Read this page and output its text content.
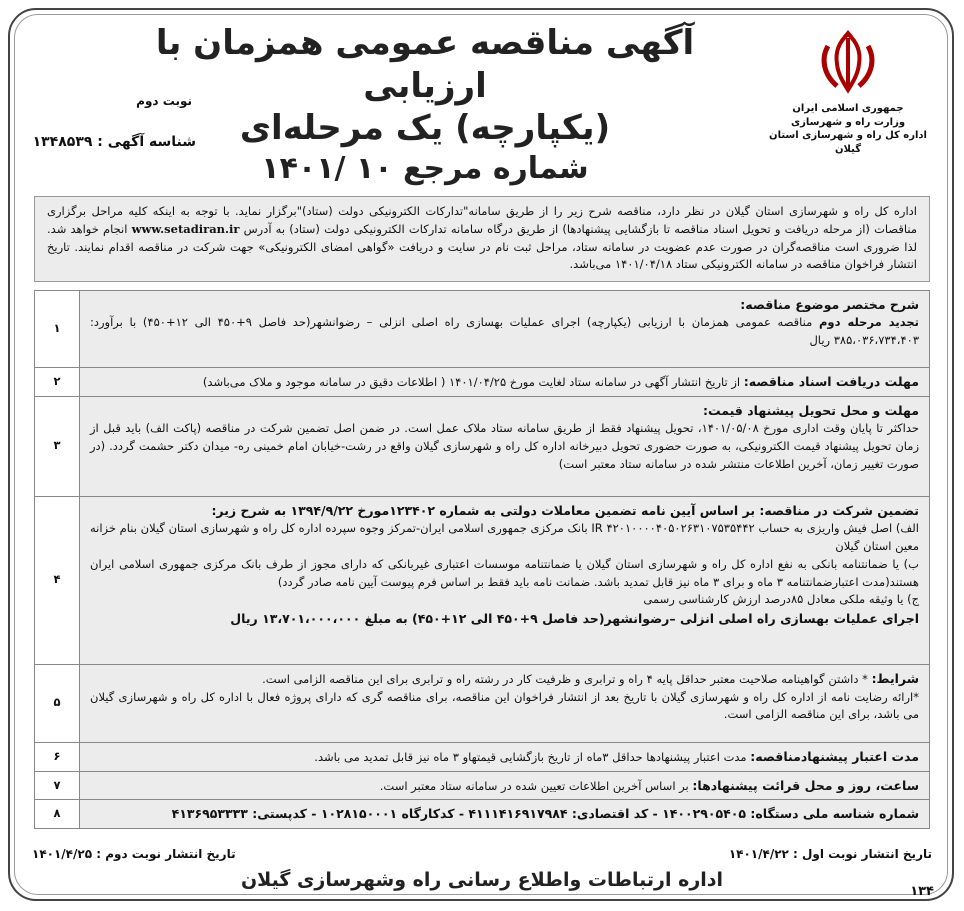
جمهوری اسلامی ایران
وزارت راه و شهرسازی
اداره کل راه و شهرسازی استان گیلان
آگهی مناقصه عمومی همزمان با ارزیابی
(یکپارچه) یک مرحله‌ای
شماره مرجع ۱۰ /۱۴۰۱
نوبت دوم
شناسه آگهی : ۱۳۴۸۵۳۹
اداره کل راه و شهرسازی استان گیلان در نظر دارد، مناقصه شرح زیر را از طریق سامانه"تدارکات الکترونیکی دولت (ستاد)"برگزار نماید. با توجه به اینکه کلیه مراحل برگزاری مناقصات (از مرحله دریافت و تحویل اسناد مناقصه تا بازگشایی پیشنهادها) از طریق درگاه سامانه تدارکات الکترونیکی دولت (ستاد) به آدرس www.setadiran.ir انجام خواهد شد. لذا ضروری است مناقصه‌گران در صورت عدم عضویت در سامانه ستاد، مراحل ثبت نام در سایت و دریافت «گواهی امضای الکترونیکی» جهت شرکت در مناقصه اقدام نمایند. تاریخ انتشار فراخوان مناقصه در سامانه الکترونیکی ستاد ۱۴۰۱/۰۴/۱۸ می‌باشد.
شرح مختصر موضوع مناقصه:
تجدید مرحله دوم مناقصه عمومی همزمان با ارزیابی (یکپارچه) اجرای عملیات بهسازی راه اصلی انزلی – رضوانشهر(حد فاصل ۹+۴۵۰ الی ۱۲+۴۵۰) با برآورد: ۳۸۵،۰۳۶،۷۳۴،۴۰۳ ریال	۱
مهلت دریافت اسناد مناقصه: از تاریخ انتشار آگهی در سامانه ستاد لغایت مورخ ۱۴۰۱/۰۴/۲۵ ( اطلاعات دقیق در سامانه موجود و ملاک می‌باشد)	۲

مهلت و محل تحویل پیشنهاد قیمت:
حداکثر تا پایان وقت اداری مورخ ۱۴۰۱/۰۵/۰۸، تحویل پیشنهاد فقط از طریق سامانه ستاد ملاک عمل است. در ضمن اصل تضمین شرکت در مناقصه (پاکت الف) باید قبل از زمان تحویل پیشنهاد قیمت الکترونیکی، به صورت حضوری تحویل دبیرخانه اداره کل راه و شهرسازی گیلان واقع در رشت-خیابان امام خمینی ره- میدان دکتر حشمت گردد. (در صورت تغییر زمان، آخرین اطلاعات منتشر شده در سامانه ستاد معتبر است)	۳

تضمین شرکت در مناقصه: بر اساس آیین نامه تضمین معاملات دولتی به شماره ۱۲۳۴۰۲مورخ ۱۳۹۴/۹/۲۲ به شرح زیر:
الف) اصل فیش واریزی به حساب IR ۴۲۰۱۰۰۰۰۴۰۵۰۲۶۳۱۰۷۵۳۵۴۴۲ بانک مرکزی جمهوری اسلامی ایران-تمرکز وجوه سپرده اداره کل راه و شهرسازی استان گیلان بنام خزانه معین استان گیلان
ب) یا ضمانتنامه بانکی به نفع اداره کل راه و شهرسازی استان گیلان یا ضمانتنامه موسسات اعتباری غیربانکی که دارای مجوز از طرف بانک مرکزی جمهوری اسلامی ایران هستند(مدت اعتبارضمانتنامه ۳ ماه و برای ۳ ماه نیز قابل تمدید باشد. ضمانت نامه باید فقط بر اساس فرم پیوست آیین نامه صادر گردد)
ج) یا وثیقه ملکی معادل ۸۵درصد ارزش کارشناسی رسمی
اجرای عملیات بهسازی راه اصلی انزلی –رضوانشهر(حد فاصل ۹+۴۵۰ الی ۱۲+۴۵۰) به مبلغ ۱۳،۷۰۱،۰۰۰،۰۰۰ ریال	۴

شرایط: * داشتن گواهینامه صلاحیت معتبر حداقل پایه ۴ راه و ترابری و ظرفیت کار در رشته راه و ترابری برای این مناقصه الزامی است.
*ارائه رضایت نامه از اداره کل راه و شهرسازی گیلان با تاریخ بعد از انتشار فراخوان این مناقصه، برای مناقصه گری که دارای پروژه فعال با اداره کل راه و شهرسازی گیلان می باشد، برای این مناقصه الزامی است.	۵
مدت اعتبار پیشنهادمناقصه: مدت اعتبار پیشنهادها حداقل ۳ماه از تاریخ بازگشایی قیمتهاو ۳ ماه نیز قابل تمدید می باشد.	۶
ساعت، روز و محل قرائت پیشنهادها: بر اساس آخرین اطلاعات تعیین شده در سامانه ستاد معتبر است.	۷
شماره شناسه ملی دستگاه: ۱۴۰۰۲۹۰۵۴۰۵ - کد اقتصادی: ۴۱۱۱۴۱۶۹۱۷۹۸۴ - کدکارگاه ۱۰۲۸۱۵۰۰۰۱ - کدپستی: ۴۱۳۶۹۵۳۳۳۳	۸
تاریخ انتشار نوبت اول : ۱۴۰۱/۴/۲۲
تاریخ انتشار نوبت دوم : ۱۴۰۱/۴/۲۵
اداره ارتباطات واطلاع رسانی راه وشهرسازی گیلان
۱۳۴
